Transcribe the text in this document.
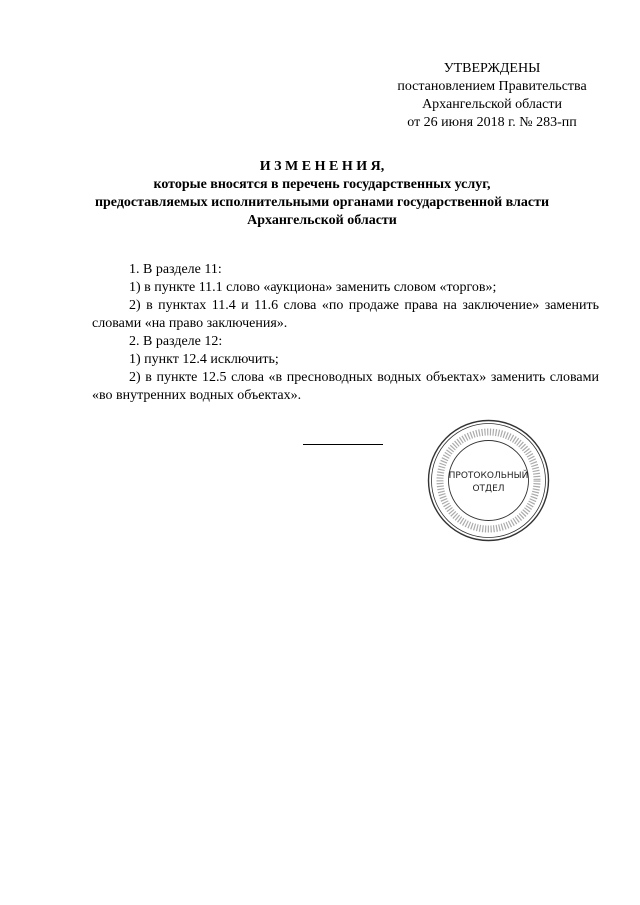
УТВЕРЖДЕНЫ
постановлением Правительства
Архангельской области
от 26 июня 2018 г. № 283-пп
И З М Е Н Е Н И Я,
которые вносятся в перечень государственных услуг,
предоставляемых исполнительными органами государственной власти
Архангельской области

1. В разделе 11:

1) в пункте 11.1 слово «аукциона» заменить словом «торгов»;

2) в пунктах 11.4 и 11.6 слова «по продаже права на заключение» заменить словами «на право заключения».

2. В разделе 12:

1) пункт 12.4 исключить;

2) в пункте 12.5 слова «в пресноводных водных объектах» заменить словами «во внутренних водных объектах».

ПРОТОКОЛЬНЫЙ
ОТДЕЛ
